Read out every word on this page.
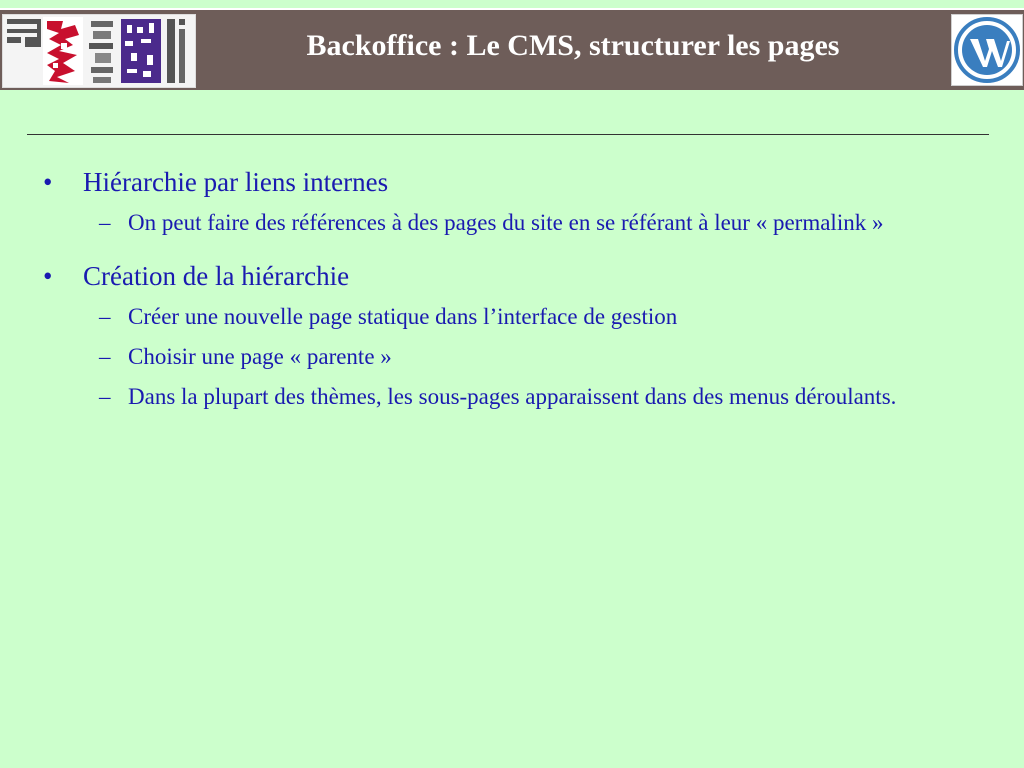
Backoffice : Le CMS, structurer les pages
• Hiérarchie par liens internes
– On peut faire des références à des pages du site en se référant à leur « permalink »
• Création de la hiérarchie
– Créer une nouvelle page statique dans l’interface de gestion
– Choisir une page « parente »
– Dans la plupart des thèmes, les sous-pages apparaissent dans des menus déroulants.
